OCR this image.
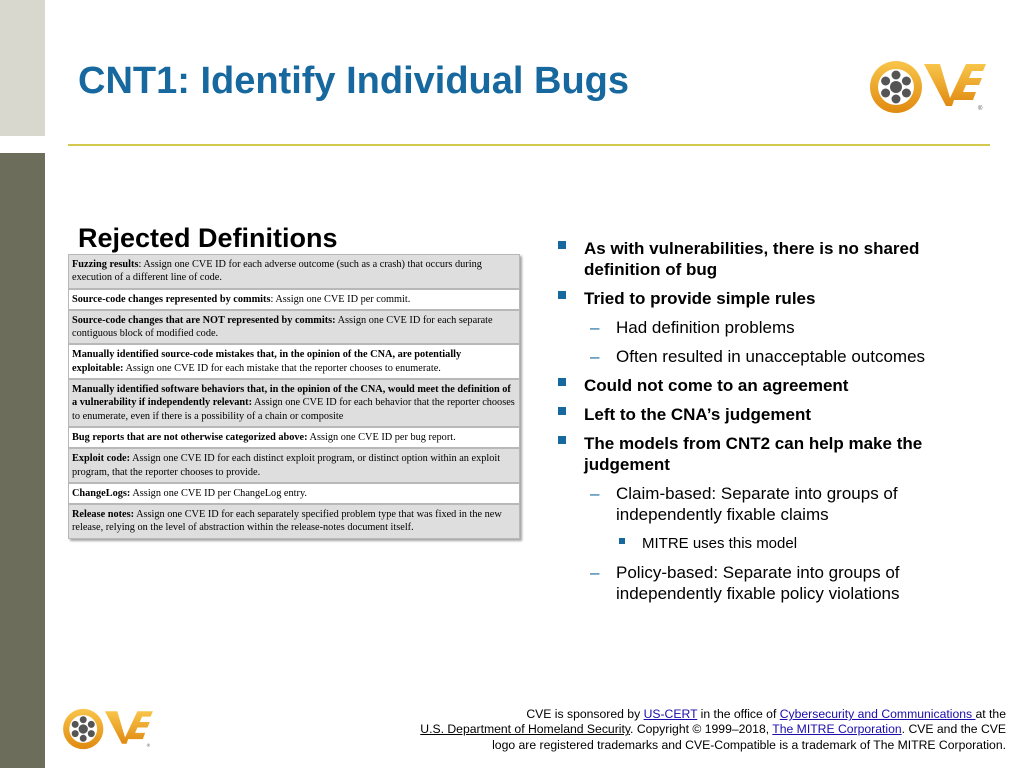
CNT1: Identify Individual Bugs
®
Rejected Definitions
Fuzzing results: Assign one CVE ID for each adverse outcome (such as a crash) that occurs during execution of a different line of code.
Source-code changes represented by commits: Assign one CVE ID per commit.
Source-code changes that are NOT represented by commits: Assign one CVE ID for each separate contiguous block of modified code.
Manually identified source-code mistakes that, in the opinion of the CNA, are potentially exploitable: Assign one CVE ID for each mistake that the reporter chooses to enumerate.
Manually identified software behaviors that, in the opinion of the CNA, would meet the definition of a vulnerability if independently relevant: Assign one CVE ID for each behavior that the reporter chooses to enumerate, even if there is a possibility of a chain or composite
Bug reports that are not otherwise categorized above: Assign one CVE ID per bug report.
Exploit code: Assign one CVE ID for each distinct exploit program, or distinct option within an exploit program, that the reporter chooses to provide.
ChangeLogs: Assign one CVE ID per ChangeLog entry.
Release notes: Assign one CVE ID for each separately specified problem type that was fixed in the new release, relying on the level of abstraction within the release-notes document itself.
As with vulnerabilities, there is no shared definition of bug
Tried to provide simple rules
– Had definition problems
– Often resulted in unacceptable outcomes
Could not come to an agreement
Left to the CNA’s judgement
The models from CNT2 can help make the judgement
– Claim-based: Separate into groups of independently fixable claims
MITRE uses this model
– Policy-based: Separate into groups of independently fixable policy violations
®
CVE is sponsored by US-CERT in the office of Cybersecurity and Communications at the
U.S. Department of Homeland Security. Copyright © 1999–2018, The MITRE Corporation. CVE and the CVE logo are registered trademarks and CVE-Compatible is a trademark of The MITRE Corporation.
